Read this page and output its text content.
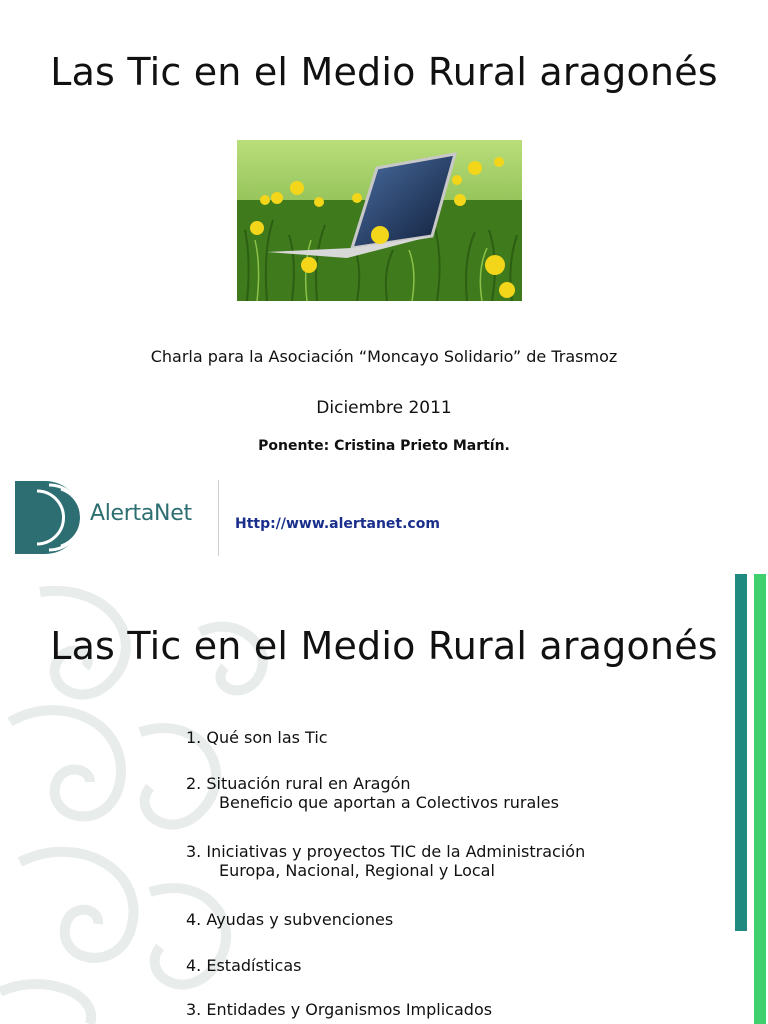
Las Tic en el Medio Rural aragonés
Charla para la Asociación “Moncayo Solidario” de Trasmoz
Diciembre 2011
Ponente: Cristina Prieto Martín.
AlertaNet	Http://www.alertanet.com
Las Tic en el Medio Rural aragonés
1. Qué son las Tic
2. Situación rural en Aragón
Beneficio que aportan a Colectivos rurales
3. Iniciativas y proyectos TIC de la Administración
Europa, Nacional, Regional y Local
4. Ayudas y subvenciones
4. Estadísticas
3. Entidades y Organismos Implicados
